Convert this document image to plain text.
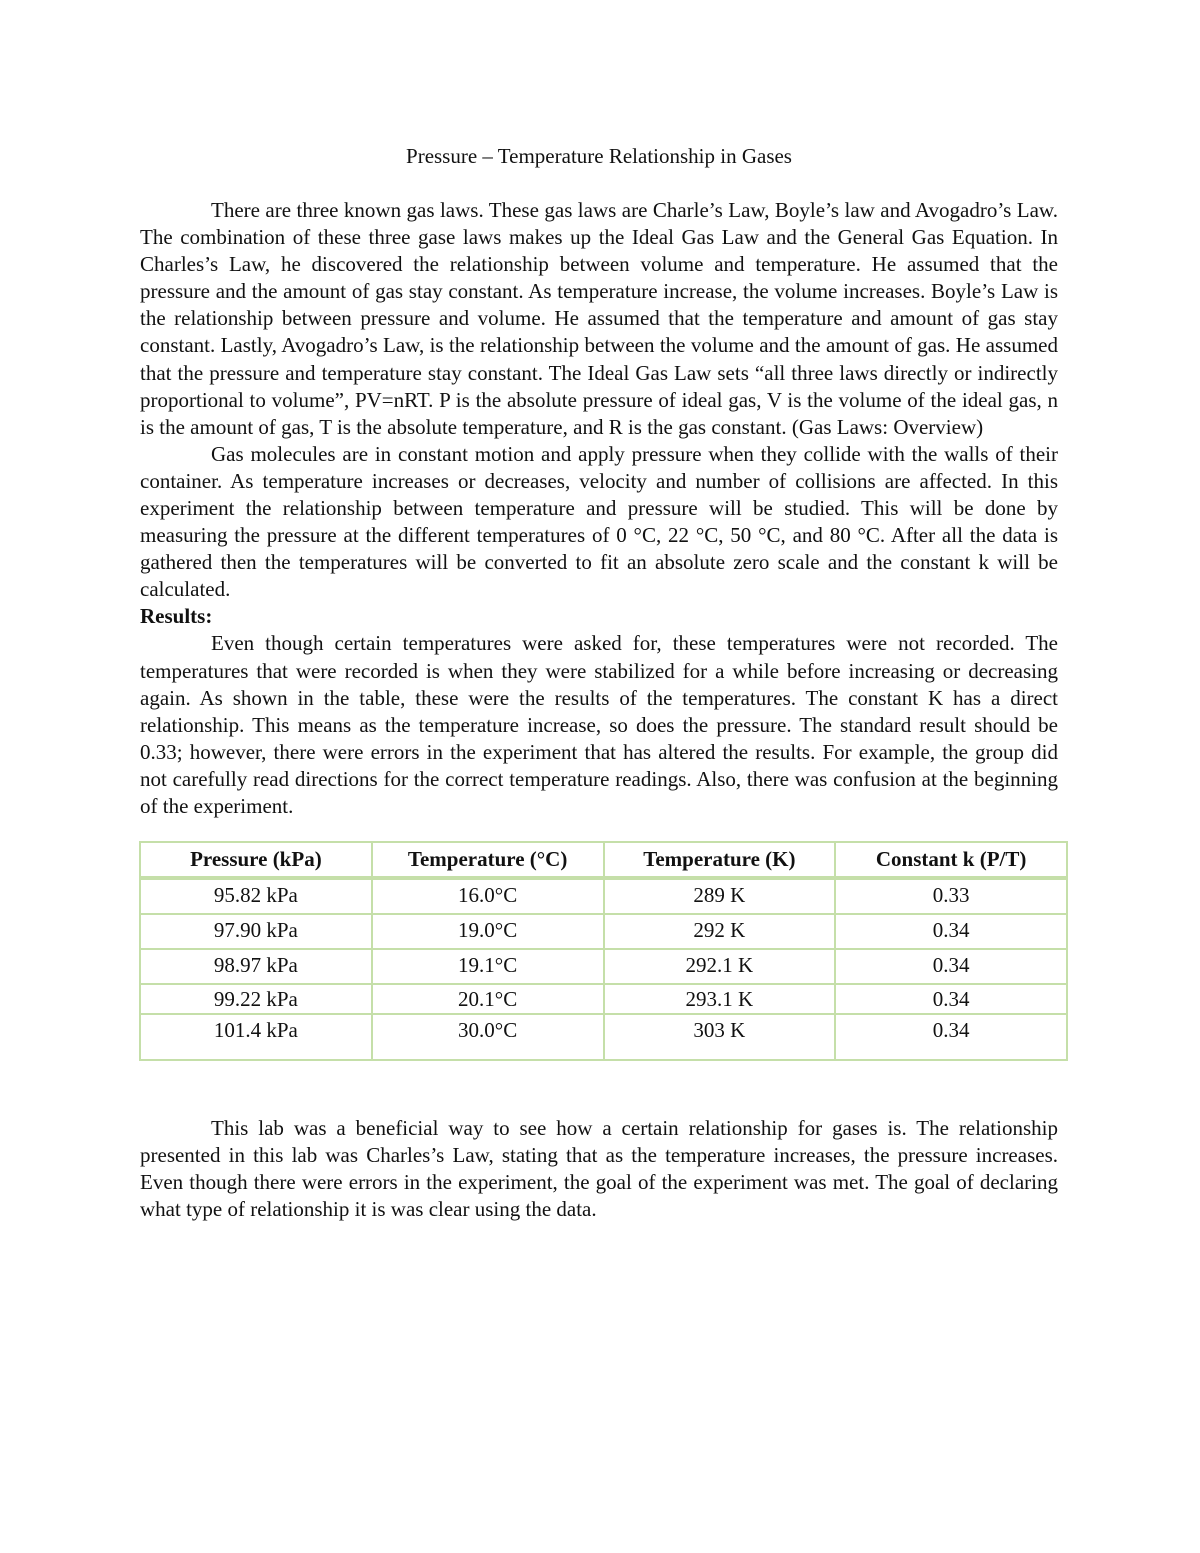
Pressure – Temperature Relationship in Gases

There are three known gas laws. These gas laws are Charle’s Law, Boyle’s law and Avogadro’s Law. The combination of these three gase laws makes up the Ideal Gas Law and the General Gas Equation. In Charles’s Law, he discovered the relationship between volume and temperature. He assumed that the pressure and the amount of gas stay constant. As temperature increase, the volume increases. Boyle’s Law is the relationship between pressure and volume. He assumed that the temperature and amount of gas stay constant. Lastly, Avogadro’s Law, is the relationship between the volume and the amount of gas. He assumed that the pressure and temperature stay constant. The Ideal Gas Law sets “all three laws directly or indirectly proportional to volume”, PV=nRT. P is the absolute pressure of ideal gas, V is the volume of the ideal gas, n is the amount of gas, T is the absolute temperature, and R is the gas constant. (Gas Laws: Overview)

Gas molecules are in constant motion and apply pressure when they collide with the walls of their container. As temperature increases or decreases, velocity and number of collisions are affected. In this experiment the relationship between temperature and pressure will be studied. This will be done by measuring the pressure at the different temperatures of 0 °C, 22 °C, 50 °C, and 80 °C. After all the data is gathered then the temperatures will be converted to fit an absolute zero scale and the constant k will be calculated.

Results:

Even though certain temperatures were asked for, these temperatures were not recorded. The temperatures that were recorded is when they were stabilized for a while before increasing or decreasing again. As shown in the table, these were the results of the temperatures. The constant K has a direct relationship. This means as the temperature increase, so does the pressure. The standard result should be 0.33; however, there were errors in the experiment that has altered the results. For example, the group did not carefully read directions for the correct temperature readings. Also, there was confusion at the beginning of the experiment.

Pressure (kPa)	Temperature (°C)	Temperature (K)	Constant k (P/T)
95.82 kPa	16.0°C	289 K	0.33
97.90 kPa	19.0°C	292 K	0.34
98.97 kPa	19.1°C	292.1 K	0.34
99.22 kPa	20.1°C	293.1 K	0.34
101.4 kPa	30.0°C	303 K	0.34

This lab was a beneficial way to see how a certain relationship for gases is. The relationship presented in this lab was Charles’s Law, stating that as the temperature increases, the pressure increases. Even though there were errors in the experiment, the goal of the experiment was met. The goal of declaring what type of relationship it is was clear using the data.
